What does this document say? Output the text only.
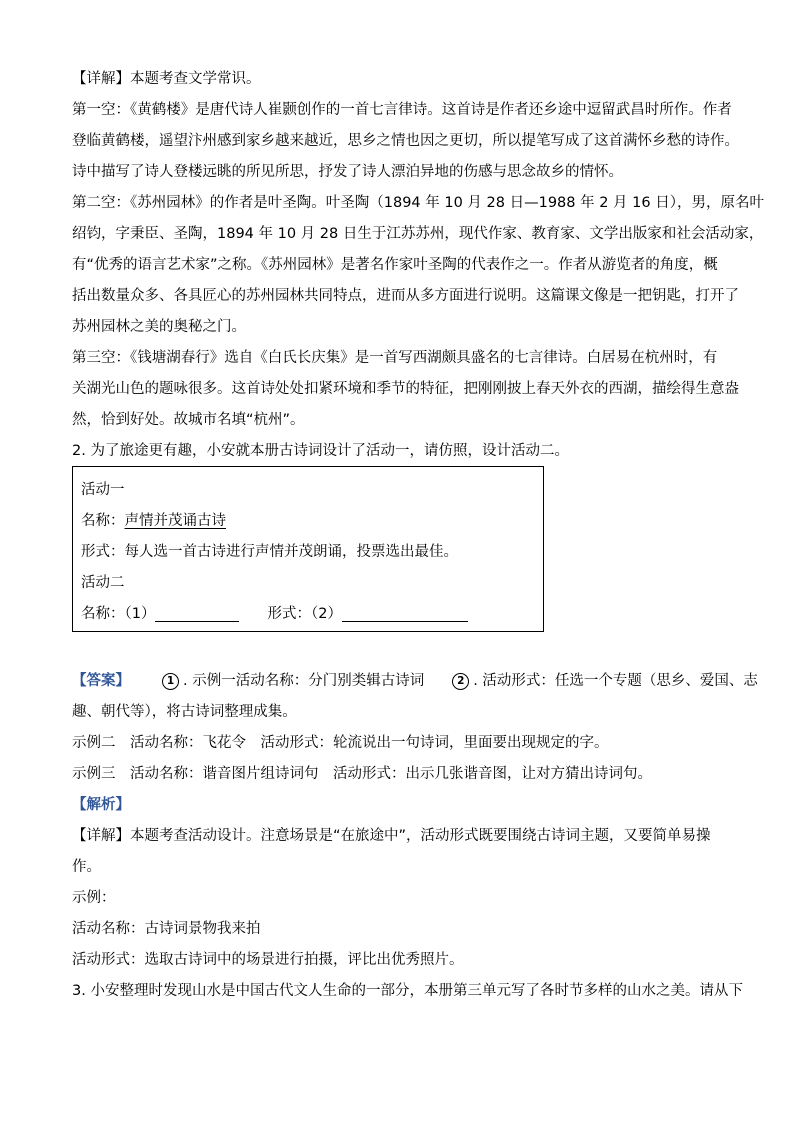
【详解】本题考查文学常识。
第一空：《黄鹤楼》是唐代诗人崔颢创作的一首七言律诗。这首诗是作者还乡途中逗留武昌时所作。作者
登临黄鹤楼，遥望汴州感到家乡越来越近，思乡之情也因之更切，所以提笔写成了这首满怀乡愁的诗作。
诗中描写了诗人登楼远眺的所见所思，抒发了诗人漂泊异地的伤感与思念故乡的情怀。
第二空：《苏州园林》的作者是叶圣陶。叶圣陶（1894 年 10 月 28 日—1988 年 2 月 16 日），男，原名叶
绍钧，字秉臣、圣陶，1894 年 10 月 28 日生于江苏苏州，现代作家、教育家、文学出版家和社会活动家，
有“优秀的语言艺术家”之称。《苏州园林》是著名作家叶圣陶的代表作之一。作者从游览者的角度，概
括出数量众多、各具匠心的苏州园林共同特点，进而从多方面进行说明。这篇课文像是一把钥匙，打开了
苏州园林之美的奥秘之门。
第三空：《钱塘湖春行》选自《白氏长庆集》是一首写西湖颇具盛名的七言律诗。白居易在杭州时，有
关湖光山色的题咏很多。这首诗处处扣紧环境和季节的特征，把刚刚披上春天外衣的西湖，描绘得生意盎
然，恰到好处。故城市名填“杭州”。
2. 为了旅途更有趣，小安就本册古诗词设计了活动一，请仿照，设计活动二。
活动一
名称：声情并茂诵古诗
形式：每人选一首古诗进行声情并茂朗诵，投票选出最佳。
活动二
名称：（1）	形式：（2）
【答案】	1 . 示例一活动名称：分门别类辑古诗词	2 . 活动形式：任选一个专题（思乡、爱国、志
趣、朝代等），将古诗词整理成集。
示例二　活动名称：飞花令　活动形式：轮流说出一句诗词，里面要出现规定的字。
示例三　活动名称：谐音图片组诗词句　活动形式：出示几张谐音图，让对方猜出诗词句。
【解析】
【详解】本题考查活动设计。注意场景是“在旅途中”，活动形式既要围绕古诗词主题，又要简单易操
作。
示例：
活动名称：古诗词景物我来拍
活动形式：选取古诗词中的场景进行拍摄，评比出优秀照片。
3. 小安整理时发现山水是中国古代文人生命的一部分，本册第三单元写了各时节多样的山水之美。请从下
